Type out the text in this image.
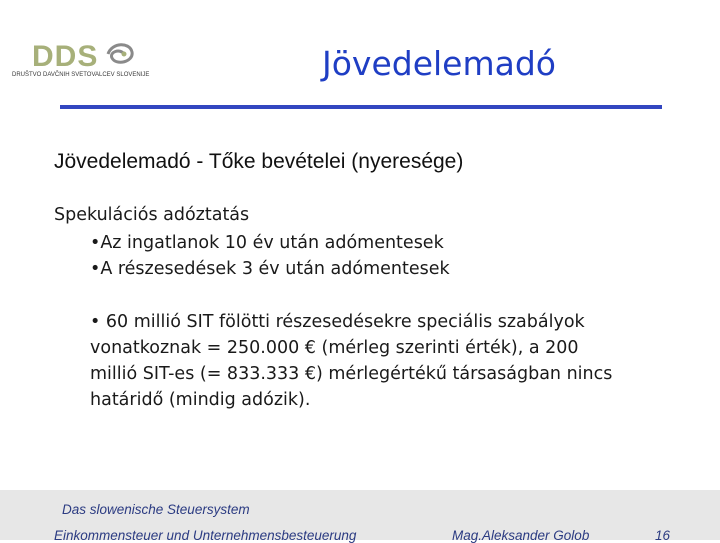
DDS
DRUŠTVO DAVČNIH SVETOVALCEV SLOVENIJE	Jövedelemadó
Jövedelemadó - Tőke bevételei (nyeresége)
Spekulációs adóztatás
•Az ingatlanok 10 év után adómentesek
•A részesedések 3 év után adómentesek
• 60 millió SIT fölötti részesedésekre speciális szabályok
vonatkoznak = 250.000 € (mérleg szerinti érték), a 200
millió SIT-es (= 833.333 €) mérlegértékű társaságban nincs
határidő (mindig adózik).
Das slowenische Steuersystem
Einkommensteuer und Unternehmensbesteuerung	Mag.Aleksander Golob	16
